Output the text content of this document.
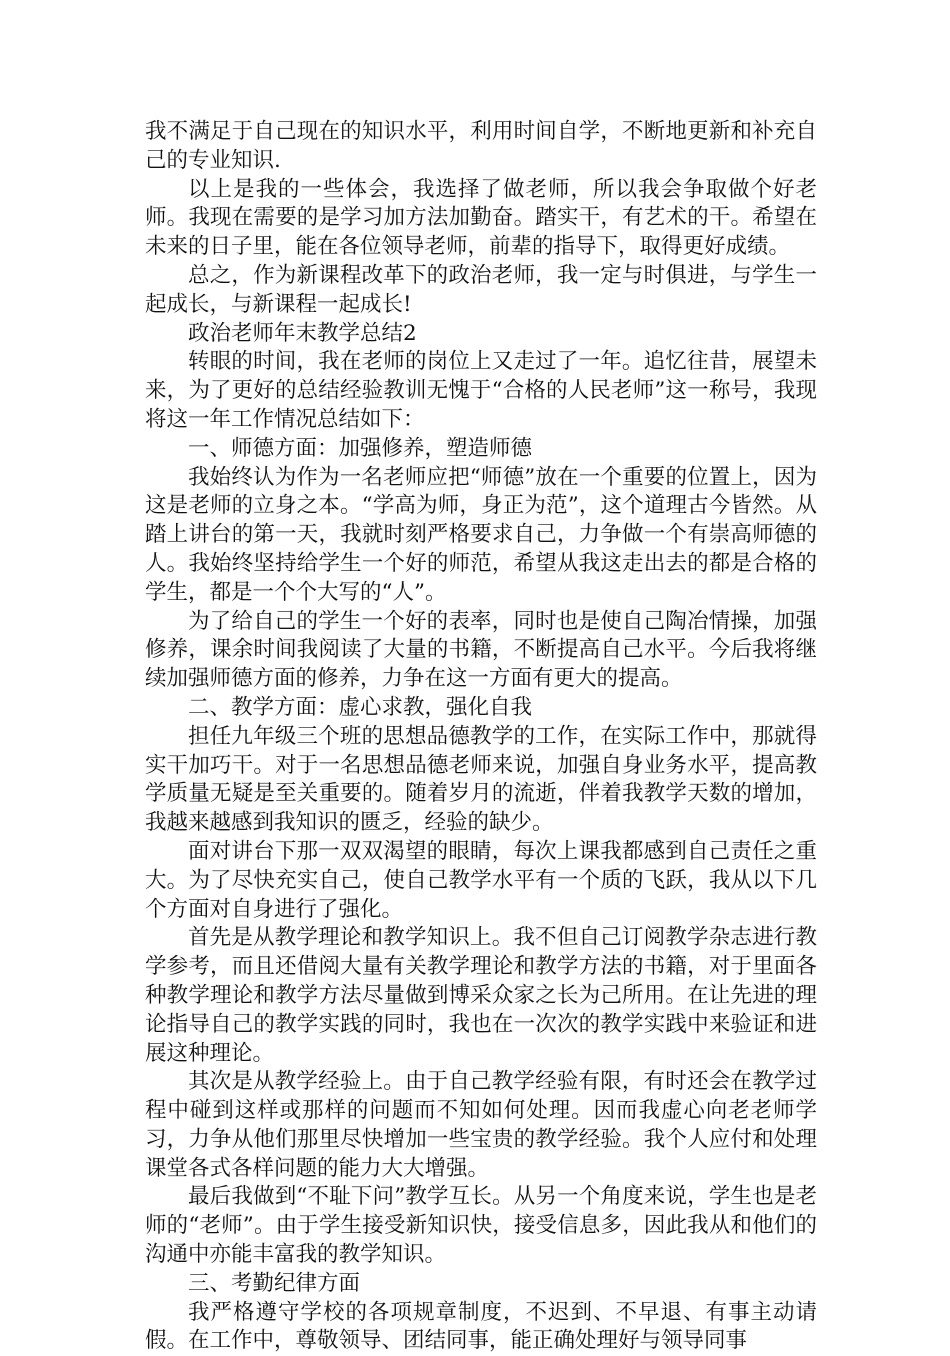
我不满足于自己现在的知识水平，利用时间自学，不断地更新和补充自己的专业知识.

以上是我的一些体会，我选择了做老师，所以我会争取做个好老师。我现在需要的是学习加方法加勤奋。踏实干，有艺术的干。希望在未来的日子里，能在各位领导老师，前辈的指导下，取得更好成绩。

总之，作为新课程改革下的政治老师，我一定与时俱进，与学生一起成长，与新课程一起成长!

政治老师年末教学总结2

转眼的时间，我在老师的岗位上又走过了一年。追忆往昔，展望未来，为了更好的总结经验教训无愧于“合格的人民老师”这一称号，我现将这一年工作情况总结如下：

一、师德方面：加强修养，塑造师德

我始终认为作为一名老师应把“师德”放在一个重要的位置上，因为这是老师的立身之本。“学高为师，身正为范”，这个道理古今皆然。从踏上讲台的第一天，我就时刻严格要求自己，力争做一个有崇高师德的人。我始终坚持给学生一个好的师范，希望从我这走出去的都是合格的学生，都是一个个大写的“人”。

为了给自己的学生一个好的表率，同时也是使自己陶冶情操，加强修养，课余时间我阅读了大量的书籍，不断提高自己水平。今后我将继续加强师德方面的修养，力争在这一方面有更大的提高。

二、教学方面：虚心求教，强化自我

担任九年级三个班的思想品德教学的工作，在实际工作中，那就得实干加巧干。对于一名思想品德老师来说，加强自身业务水平，提高教学质量无疑是至关重要的。随着岁月的流逝，伴着我教学天数的增加，我越来越感到我知识的匮乏，经验的缺少。

面对讲台下那一双双渴望的眼睛，每次上课我都感到自己责任之重大。为了尽快充实自己，使自己教学水平有一个质的飞跃，我从以下几个方面对自身进行了强化。

首先是从教学理论和教学知识上。我不但自己订阅教学杂志进行教学参考，而且还借阅大量有关教学理论和教学方法的书籍，对于里面各种教学理论和教学方法尽量做到博采众家之长为己所用。在让先进的理论指导自己的教学实践的同时，我也在一次次的教学实践中来验证和进展这种理论。

其次是从教学经验上。由于自己教学经验有限，有时还会在教学过程中碰到这样或那样的问题而不知如何处理。因而我虚心向老老师学习，力争从他们那里尽快增加一些宝贵的教学经验。我个人应付和处理课堂各式各样问题的能力大大增强。

最后我做到“不耻下问”教学互长。从另一个角度来说，学生也是老师的“老师”。由于学生接受新知识快，接受信息多，因此我从和他们的沟通中亦能丰富我的教学知识。

三、考勤纪律方面

我严格遵守学校的各项规章制度，不迟到、不早退、有事主动请假。在工作中，尊敬领导、团结同事，能正确处理好与领导同事
